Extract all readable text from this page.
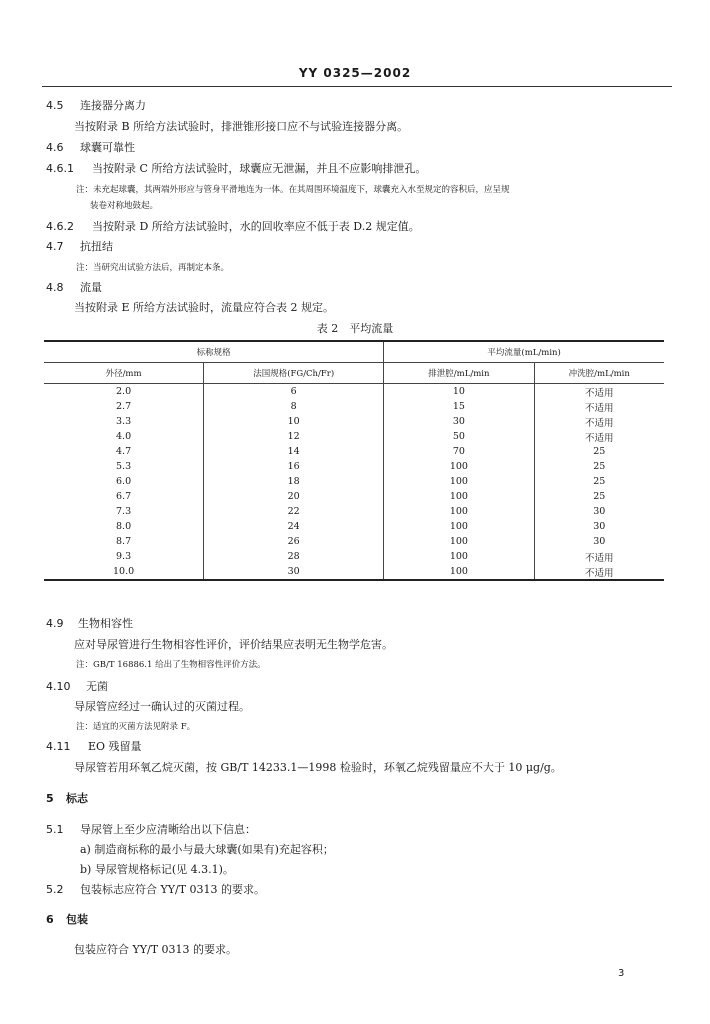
YY 0325—2002
4.5 连接器分离力
当按附录 B 所给方法试验时，排泄锥形接口应不与试验连接器分离。
4.6 球囊可靠性
4.6.1 当按附录 C 所给方法试验时，球囊应无泄漏，并且不应影响排泄孔。
注：未充起球囊，其两端外形应与管身平滑地连为一体。在其周围环境温度下，球囊充入水至规定的容积后，应呈规
装卷对称地鼓起。
4.6.2 当按附录 D 所给方法试验时，水的回收率应不低于表 D.2 规定值。
4.7 抗扭结
注：当研究出试验方法后，再制定本条。
4.8 流量
当按附录 E 所给方法试验时，流量应符合表 2 规定。
表 2　平均流量
标称规格		平均流量(mL/min)	
外径/mm	法国规格(FG/Ch/Fr)	排泄腔/mL/min	冲洗腔/mL/min
2.0	6	10	不适用
2.7	8	15	不适用
3.3	10	30	不适用
4.0	12	50	不适用
4.7	14	70	25
5.3	16	100	25
6.0	18	100	25
6.7	20	100	25
7.3	22	100	30
8.0	24	100	30
8.7	26	100	30
9.3	28	100	不适用
10.0	30	100	不适用
4.9 生物相容性
应对导尿管进行生物相容性评价，评价结果应表明无生物学危害。
注：GB/T 16886.1 给出了生物相容性评价方法。
4.10 无菌
导尿管应经过一确认过的灭菌过程。
注：适宜的灭菌方法见附录 F。
4.11 EO 残留量
导尿管若用环氧乙烷灭菌，按 GB/T 14233.1—1998 检验时，环氧乙烷残留量应不大于 10 μg/g。
5 标志
5.1 导尿管上至少应清晰给出以下信息：
a) 制造商标称的最小与最大球囊(如果有)充起容积；
b) 导尿管规格标记(见 4.3.1)。
5.2 包装标志应符合 YY/T 0313 的要求。
6 包装
包装应符合 YY/T 0313 的要求。
3
